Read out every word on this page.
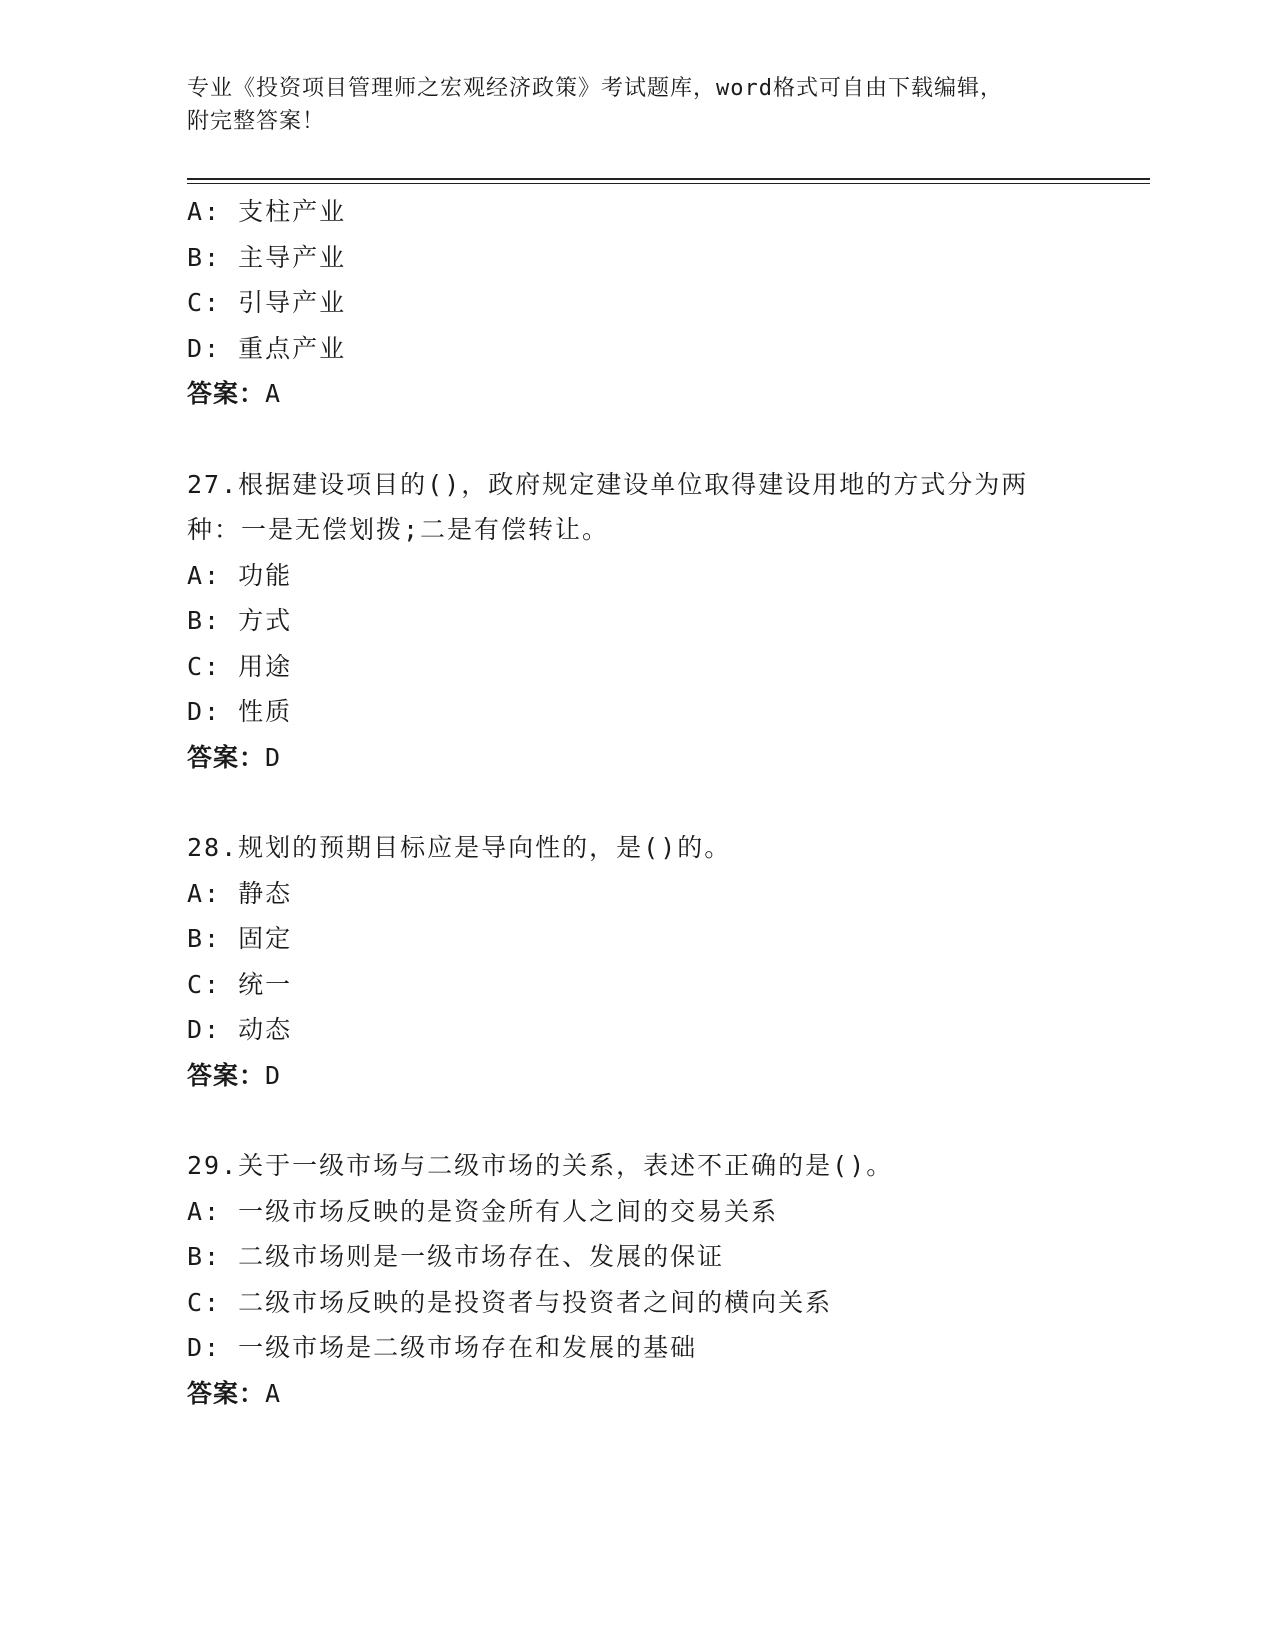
专业《投资项目管理师之宏观经济政策》考试题库，word格式可自由下载编辑，
附完整答案！
A: 支柱产业
B: 主导产业
C: 引导产业
D: 重点产业
答案：A
27.根据建设项目的()，政府规定建设单位取得建设用地的方式分为两
种：一是无偿划拨;二是有偿转让。
A: 功能
B: 方式
C: 用途
D: 性质
答案：D
28.规划的预期目标应是导向性的，是()的。
A: 静态
B: 固定
C: 统一
D: 动态
答案：D
29.关于一级市场与二级市场的关系，表述不正确的是()。
A: 一级市场反映的是资金所有人之间的交易关系
B: 二级市场则是一级市场存在、发展的保证
C: 二级市场反映的是投资者与投资者之间的横向关系
D: 一级市场是二级市场存在和发展的基础
答案：A
